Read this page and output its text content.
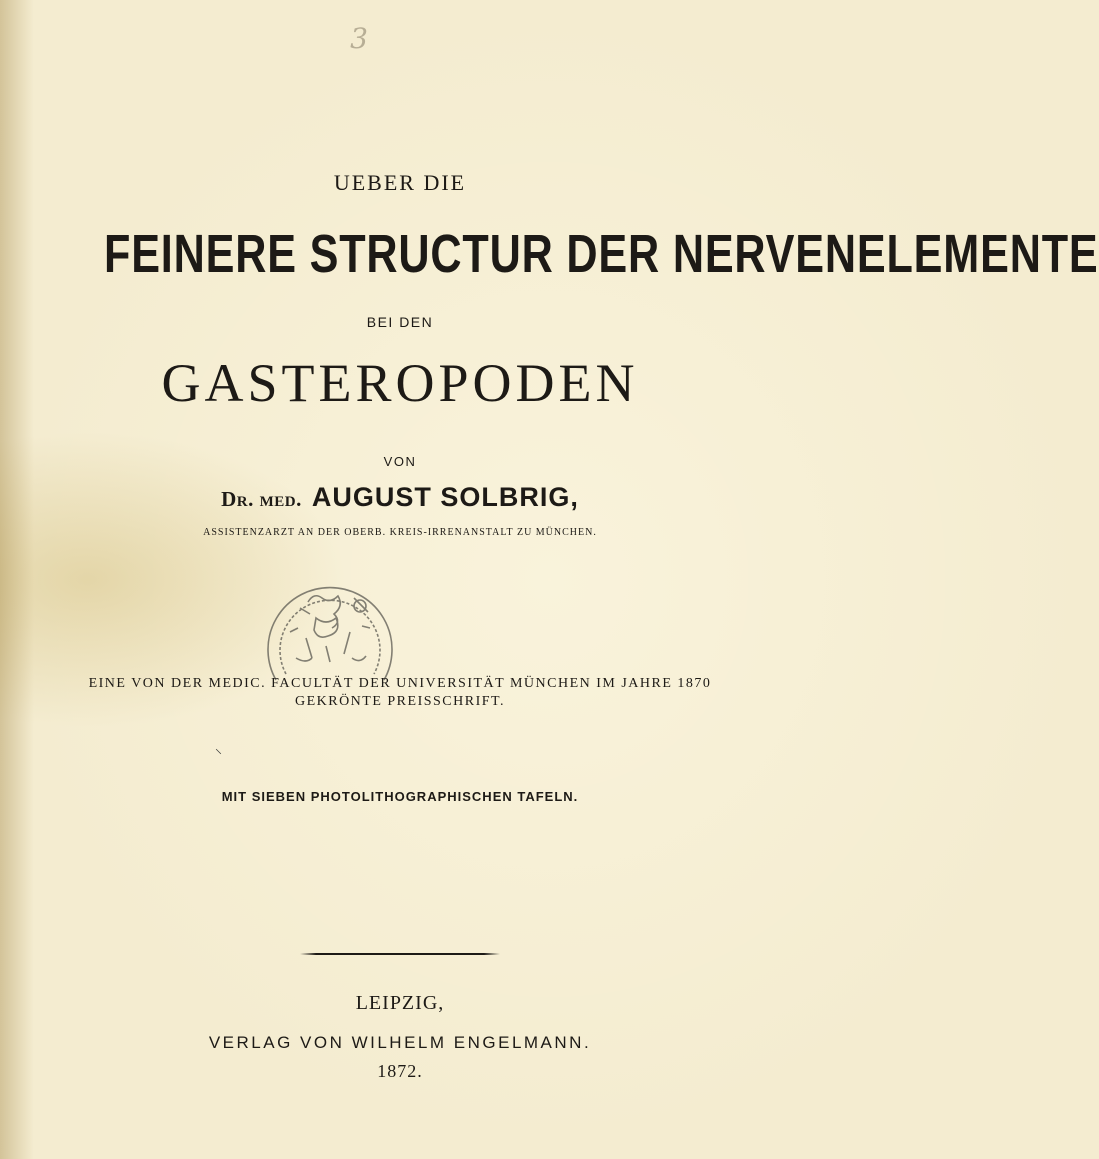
3
UEBER DIE
FEINERE STRUCTUR DER NERVENELEMENTE
BEI DEN
GASTEROPODEN
VON
Dr. med. AUGUST SOLBRIG,
ASSISTENZARZT AN DER OBERB. KREIS-IRRENANSTALT ZU MÜNCHEN.
EINE VON DER MEDIC. FACULTÄT DER UNIVERSITÄT MÜNCHEN IM JAHRE 1870
GEKRÖNTE PREISSCHRIFT.
⸜
MIT SIEBEN PHOTOLITHOGRAPHISCHEN TAFELN.
LEIPZIG,
VERLAG VON WILHELM ENGELMANN.
1872.
